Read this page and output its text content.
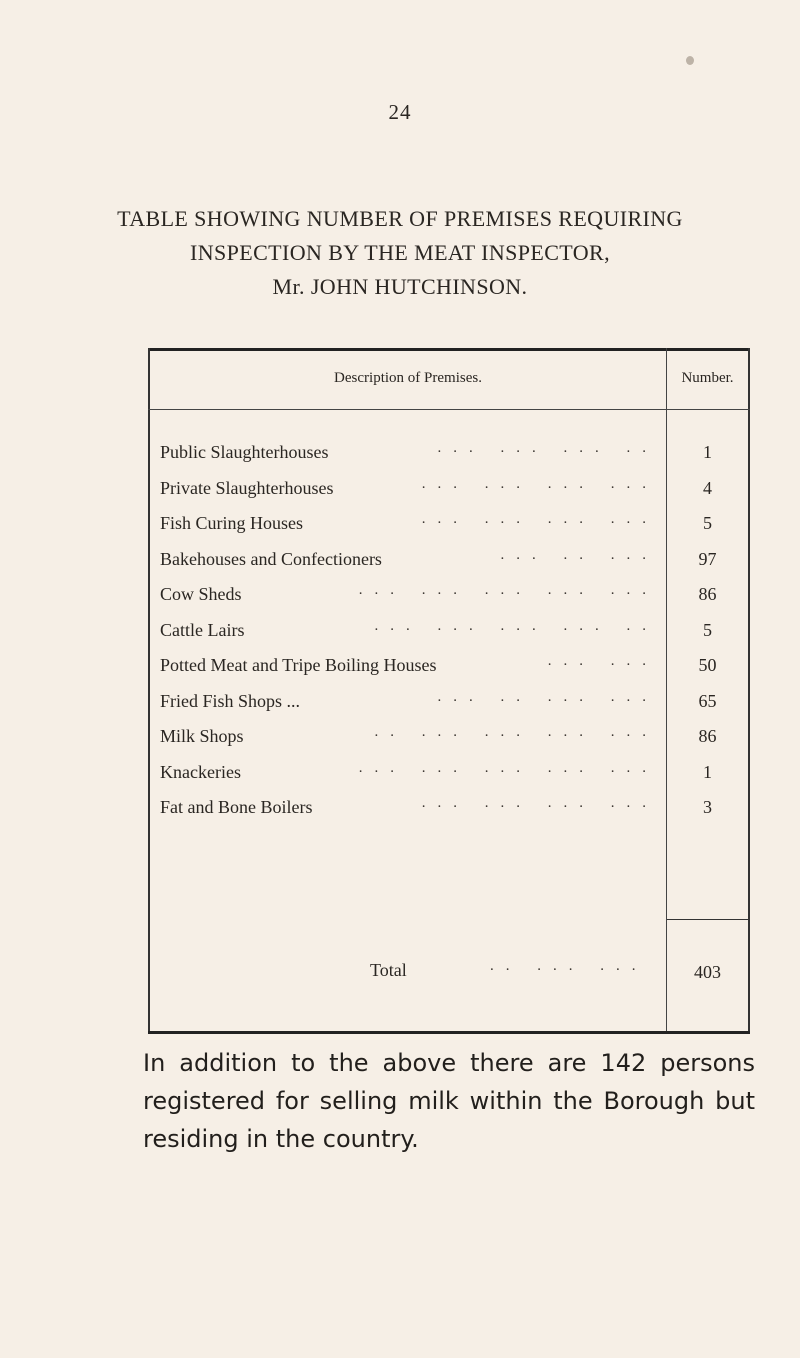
24
TABLE SHOWING NUMBER OF PREMISES REQUIRING
INSPECTION BY THE MEAT INSPECTOR,
Mr. JOHN HUTCHINSON.
Description of Premises.	Number.
Public Slaughterhouses	... ... ... ..	1
Private Slaughterhouses	... ... ... ...	4
Fish Curing Houses	... ... ... ...	5
Bakehouses and Confectioners	... .. ...	97
Cow Sheds	... ... ... ... ...	86
Cattle Lairs	... ... ... ... ..	5
Potted Meat and Tripe Boiling Houses	... ...	50
Fried Fish Shops ...	... .. ... ...	65
Milk Shops	.. ... ... ... ...	86
Knackeries	... ... ... ... ...	1
Fat and Bone Boilers	... ... ... ...	3
Total	.. ... ...	403
In addition to the above there are 142 persons
registered for selling milk within the Borough but
residing in the country.
